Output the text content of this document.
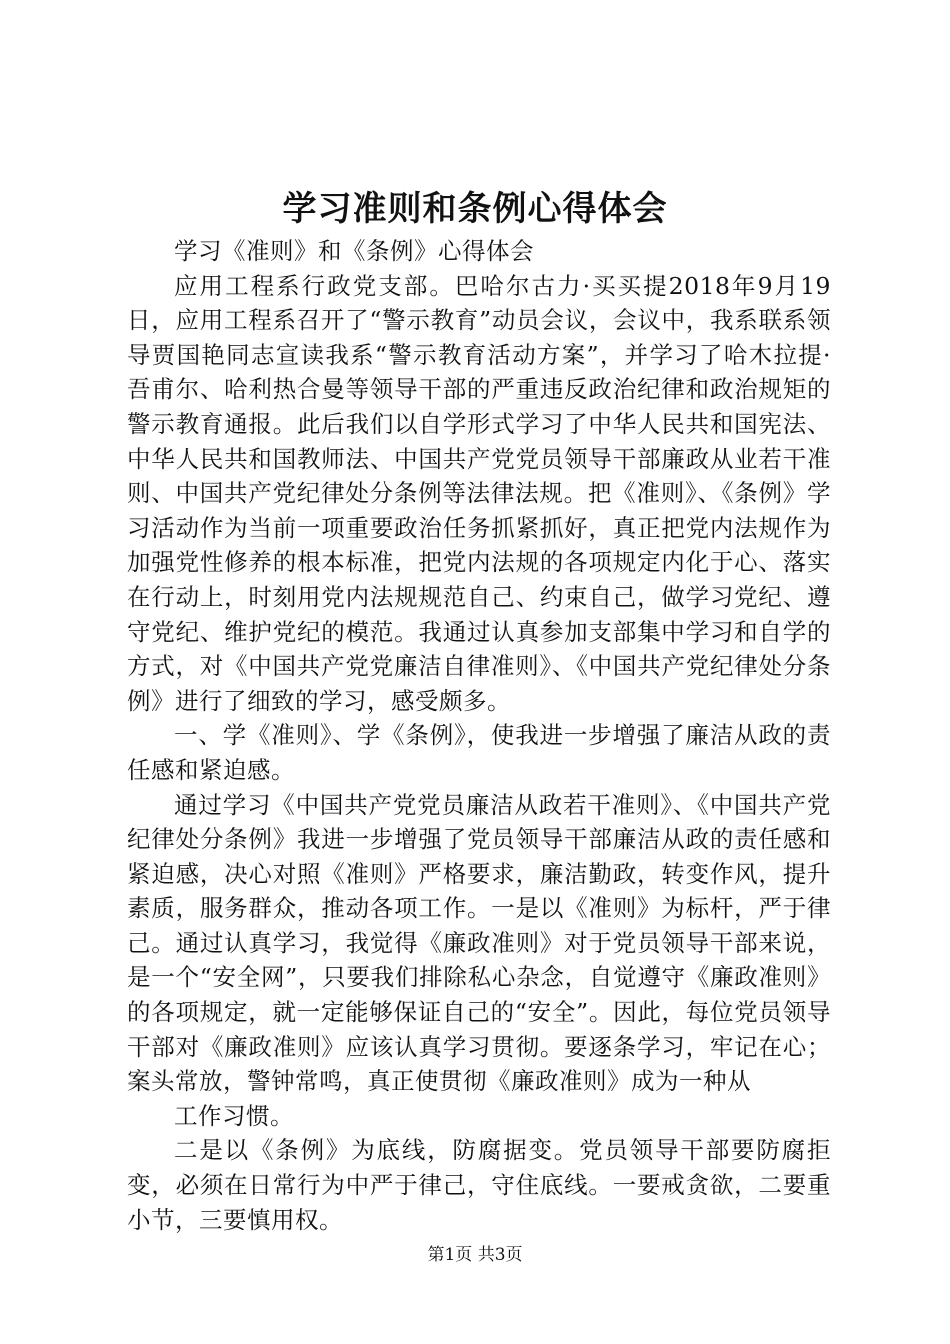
学习准则和条例心得体会

学习《准则》和《条例》心得体会

应用工程系行政党支部。巴哈尔古力·买买提2018年9月19日，应用工程系召开了“警示教育”动员会议，会议中，我系联系领导贾国艳同志宣读我系“警示教育活动方案”，并学习了哈木拉提·吾甫尔、哈利热合曼等领导干部的严重违反政治纪律和政治规矩的警示教育通报。此后我们以自学形式学习了中华人民共和国宪法、中华人民共和国教师法、中国共产党党员领导干部廉政从业若干准则、中国共产党纪律处分条例等法律法规。把《准则》、《条例》学习活动作为当前一项重要政治任务抓紧抓好，真正把党内法规作为加强党性修养的根本标准，把党内法规的各项规定内化于心、落实在行动上，时刻用党内法规规范自己、约束自己，做学习党纪、遵守党纪、维护党纪的模范。我通过认真参加支部集中学习和自学的方式，对《中国共产党党廉洁自律准则》、《中国共产党纪律处分条例》进行了细致的学习，感受颇多。

一、学《准则》、学《条例》，使我进一步增强了廉洁从政的责任感和紧迫感。

通过学习《中国共产党党员廉洁从政若干准则》、《中国共产党纪律处分条例》我进一步增强了党员领导干部廉洁从政的责任感和紧迫感，决心对照《准则》严格要求，廉洁勤政，转变作风，提升素质，服务群众，推动各项工作。一是以《准则》为标杆，严于律己。通过认真学习，我觉得《廉政准则》对于党员领导干部来说，是一个“安全网”，只要我们排除私心杂念，自觉遵守《廉政准则》的各项规定，就一定能够保证自己的“安全”。因此，每位党员领导干部对《廉政准则》应该认真学习贯彻。要逐条学习，牢记在心；案头常放，警钟常鸣，真正使贯彻《廉政准则》成为一种从

工作习惯。

二是以《条例》为底线，防腐据变。党员领导干部要防腐拒变，必须在日常行为中严于律己，守住底线。一要戒贪欲，二要重小节，三要慎用权。

第1页 共3页
